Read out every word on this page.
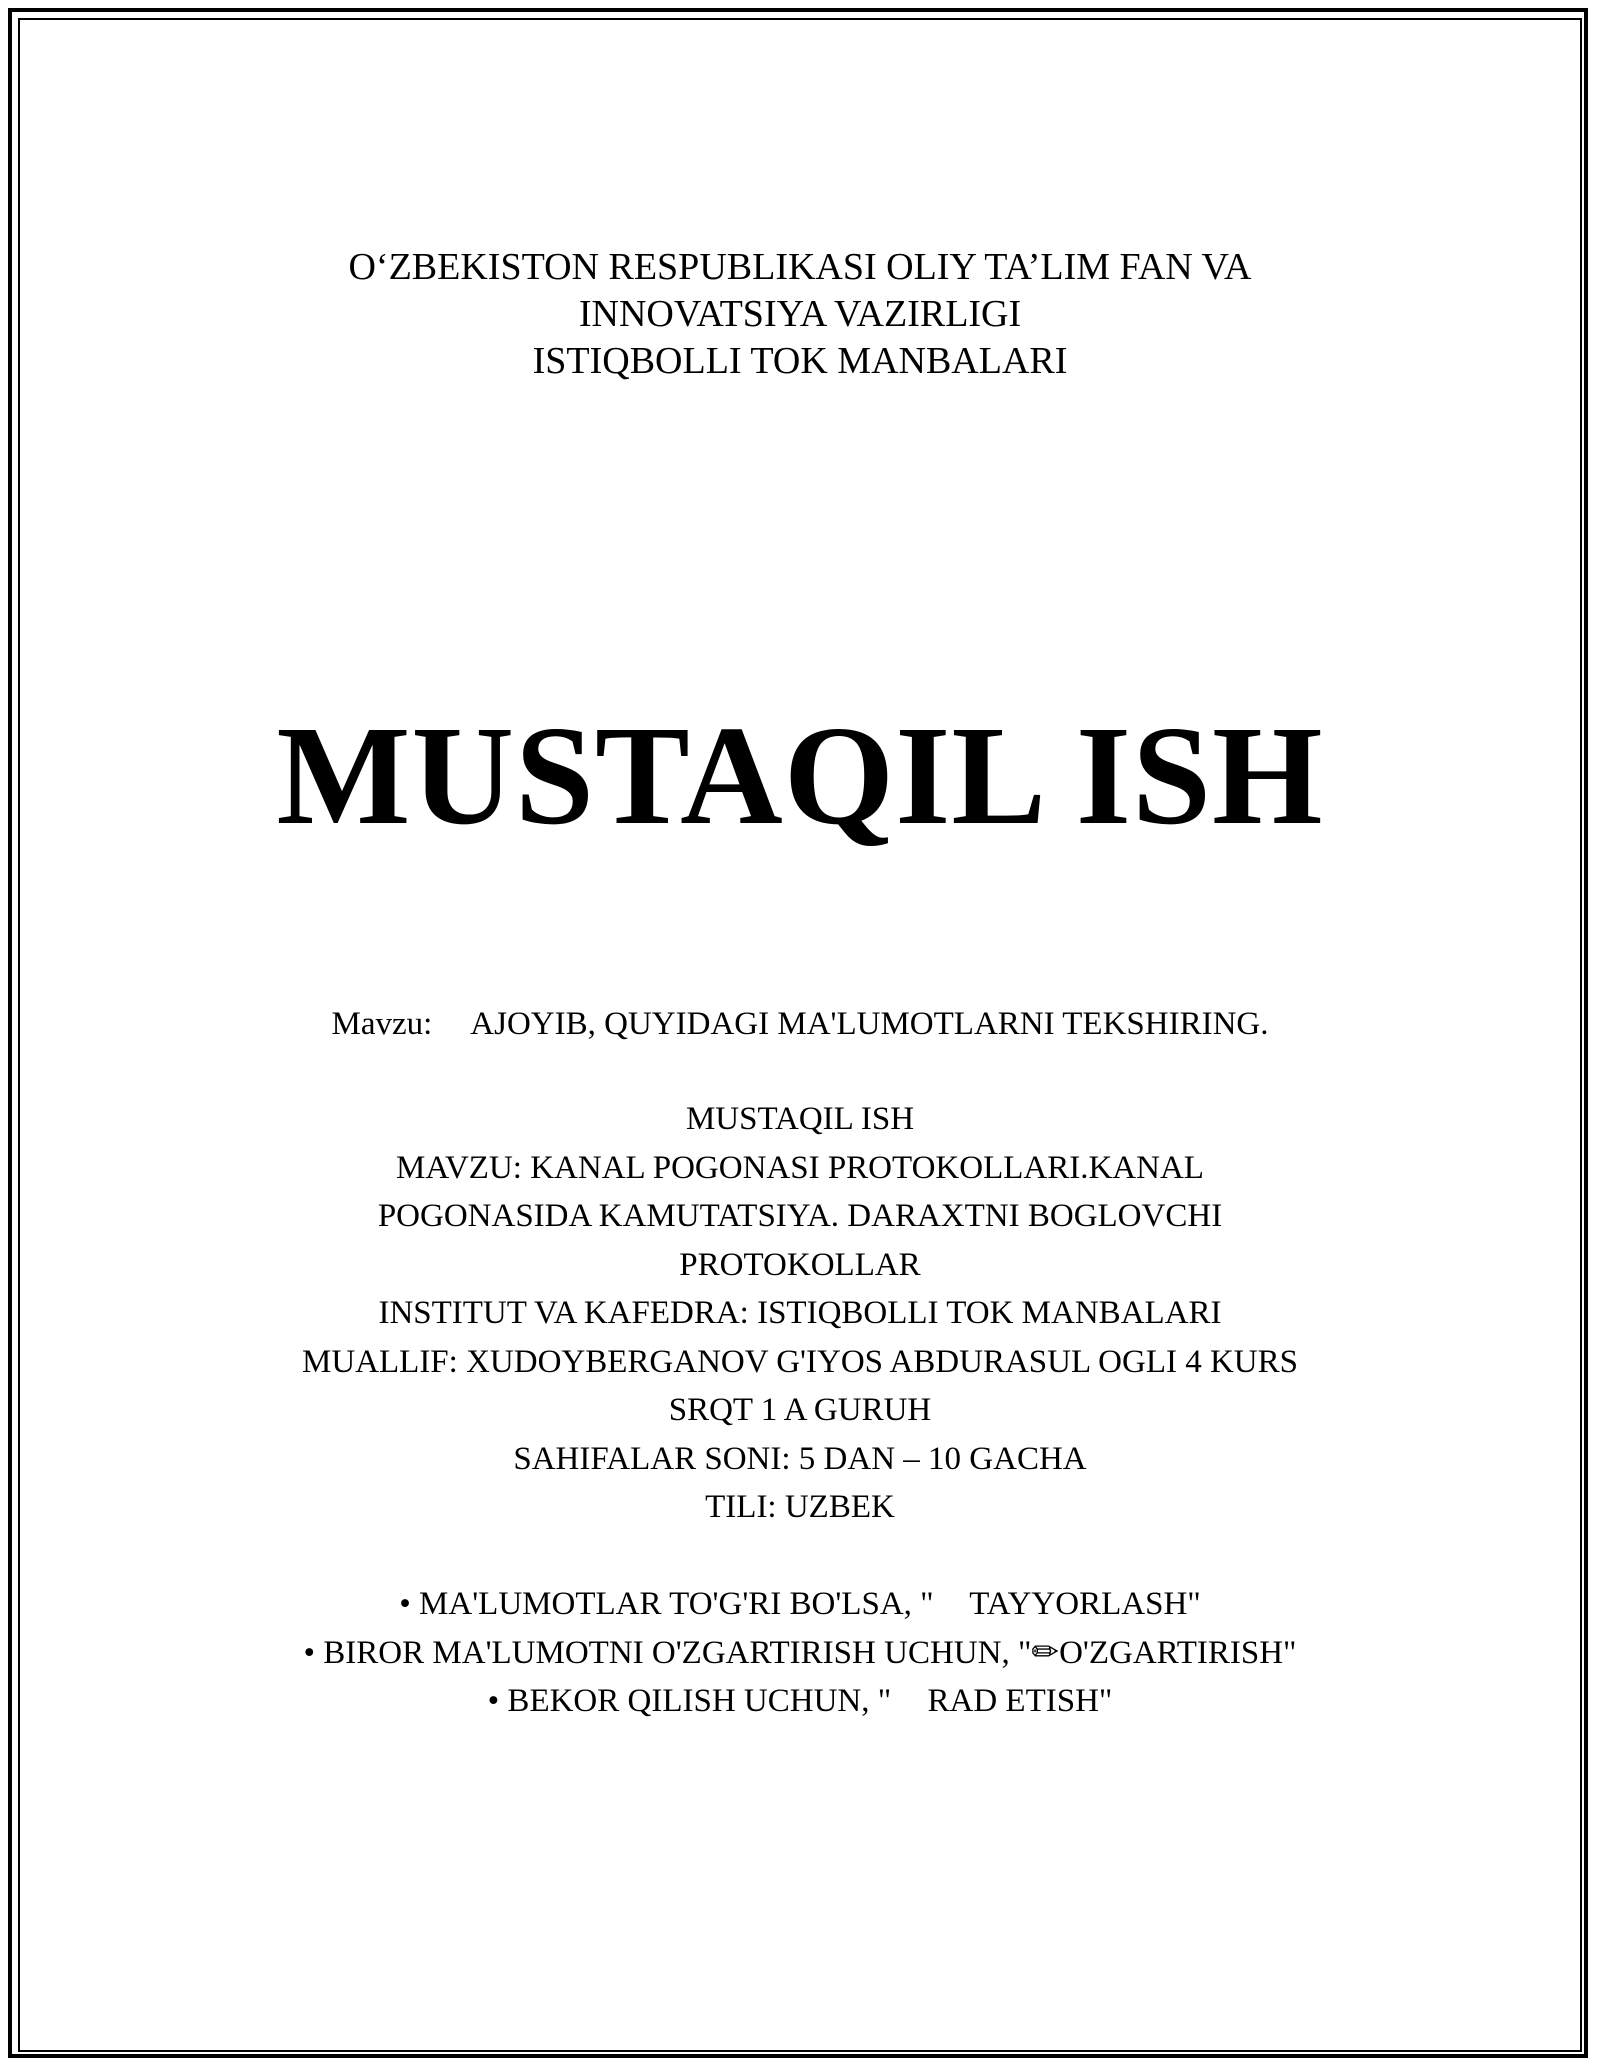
O‘ZBEKISTON RESPUBLIKASI OLIY TA’LIM FAN VA
INNOVATSIYA VAZIRLIGI
ISTIQBOLLI TOK MANBALARI
MUSTAQIL ISH
Mavzu: AJOYIB, QUYIDAGI MA'LUMOTLARNI TEKSHIRING.
MUSTAQIL ISH
MAVZU: KANAL POGONASI PROTOKOLLARI.KANAL
POGONASIDA KAMUTATSIYA. DARAXTNI BOGLOVCHI
PROTOKOLLAR
INSTITUT VA KAFEDRA: ISTIQBOLLI TOK MANBALARI
MUALLIF: XUDOYBERGANOV G'IYOS ABDURASUL OGLI 4 KURS
SRQT 1 A GURUH
SAHIFALAR SONI: 5 DAN – 10 GACHA
TILI: UZBEK
• MA'LUMOTLAR TO'G'RI BO'LSA, " TAYYORLASH"
• BIROR MA'LUMOTNI O'ZGARTIRISH UCHUN, "✏O'ZGARTIRISH"
• BEKOR QILISH UCHUN, " RAD ETISH"
